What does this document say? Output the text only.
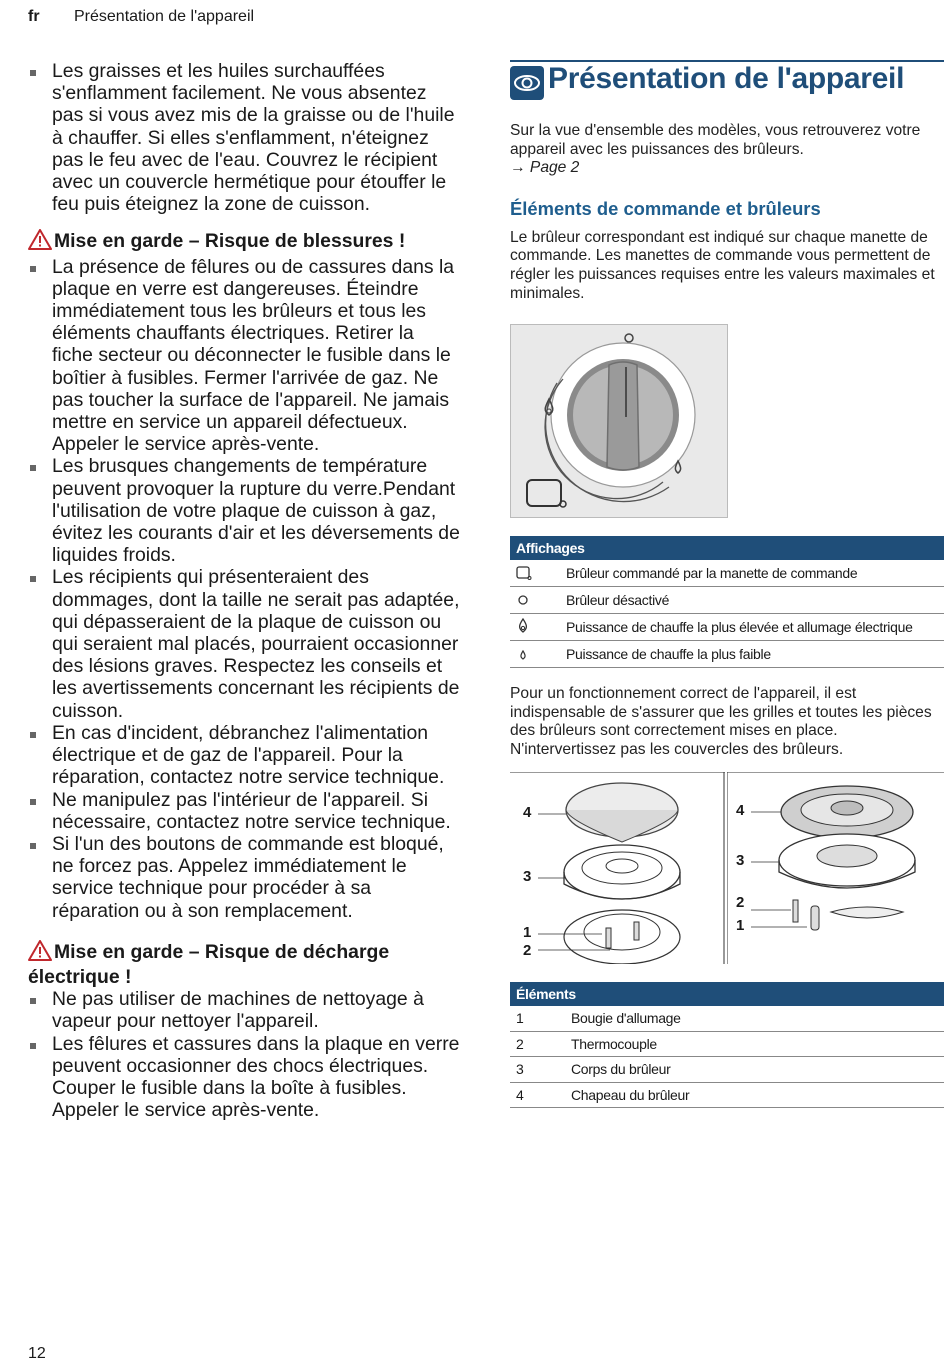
fr Présentation de l'appareil
Les graisses et les huiles surchauffées s'enflamment facilement. Ne vous absentez pas si vous avez mis de la graisse ou de l'huile à chauffer. Si elles s'enflamment, n'éteignez pas le feu avec de l'eau. Couvrez le récipient avec un couvercle hermétique pour étouffer le feu puis éteignez la zone de cuisson.
Mise en garde – Risque de blessures !
La présence de fêlures ou de cassures dans la plaque en verre est dangereuses. Éteindre immédiatement tous les brûleurs et tous les éléments chauffants électriques. Retirer la fiche secteur ou déconnecter le fusible dans le boîtier à fusibles. Fermer l'arrivée de gaz. Ne pas toucher la surface de l'appareil. Ne jamais mettre en service un appareil défectueux. Appeler le service après-vente.
Les brusques changements de température peuvent provoquer la rupture du verre.Pendant l'utilisation de votre plaque de cuisson à gaz, évitez les courants d'air et les déversements de liquides froids.
Les récipients qui présenteraient des dommages, dont la taille ne serait pas adaptée, qui dépasseraient de la plaque de cuisson ou qui seraient mal placés, pourraient occasionner des lésions graves. Respectez les conseils et les avertissements concernant les récipients de cuisson.
En cas d'incident, débranchez l'alimentation électrique et de gaz de l'appareil. Pour la réparation, contactez notre service technique.
Ne manipulez pas l'intérieur de l'appareil. Si nécessaire, contactez notre service technique.
Si l'un des boutons de commande est bloqué, ne forcez pas. Appelez immédiatement le service technique pour procéder à sa réparation ou à son remplacement.
Mise en garde – Risque de décharge électrique !
Ne pas utiliser de machines de nettoyage à vapeur pour nettoyer l'appareil.
Les fêlures et cassures dans la plaque en verre peuvent occasionner des chocs électriques. Couper le fusible dans la boîte à fusibles. Appeler le service après-vente.
Présentation de l'appareil

Sur la vue d'ensemble des modèles, vous retrouverez votre appareil avec les puissances des brûleurs.

→ Page 2

Éléments de commande et brûleurs

Le brûleur correspondant est indiqué sur chaque manette de commande. Les manettes de commande vous permettent de régler les puissances requises entre les valeurs maximales et minimales.

Affichages
Brûleur commandé par la manette de commande
Brûleur désactivé
Puissance de chauffe la plus élevée et allumage électrique
Puissance de chauffe la plus faible

Pour un fonctionnement correct de l'appareil, il est indispensable de s'assurer que les grilles et toutes les pièces des brûleurs sont correctement mises en place. N'intervertissez pas les couvercles des brûleurs.

4
3
1
2
4
3
2
1
Éléments
1	Bougie d'allumage
2	Thermocouple
3	Corps du brûleur
4	Chapeau du brûleur
12
